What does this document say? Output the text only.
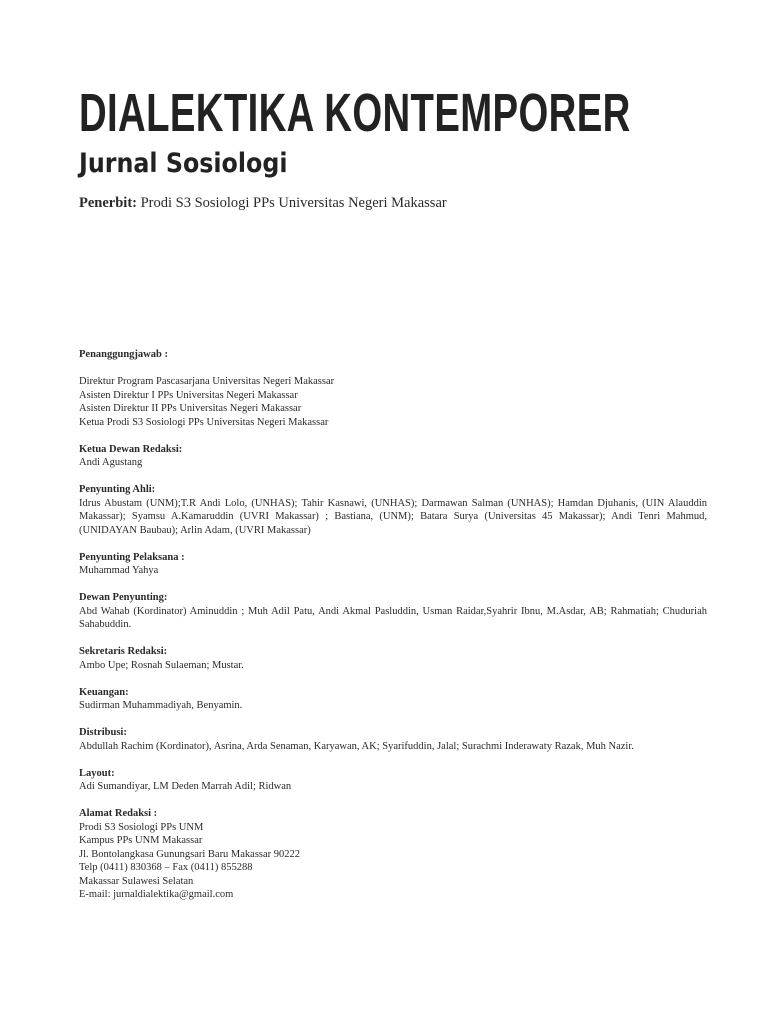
DIALEKTIKA KONTEMPORER
Jurnal Sosiologi

Penerbit: Prodi S3 Sosiologi PPs Universitas Negeri Makassar

Penanggungjawab :
Direktur Program Pascasarjana Universitas Negeri Makassar
Asisten Direktur I PPs Universitas Negeri Makassar
Asisten Direktur II PPs Universitas Negeri Makassar
Ketua Prodi S3 Sosiologi PPs Universitas Negeri Makassar
Ketua Dewan Redaksi:
Andi Agustang
Penyunting Ahli:
Idrus Abustam (UNM);T.R Andi Lolo, (UNHAS); Tahir Kasnawi, (UNHAS); Darmawan Salman (UNHAS); Hamdan Djuhanis, (UIN Alauddin Makassar); Syamsu A.Kamaruddin (UVRI Makassar) ; Bastiana, (UNM); Batara Surya (Universitas 45 Makassar); Andi Tenri Mahmud, (UNIDAYAN Baubau); Arlin Adam, (UVRI Makassar)
Penyunting Pelaksana :
Muhammad Yahya
Dewan Penyunting:
Abd Wahab (Kordinator) Aminuddin ; Muh Adil Patu, Andi Akmal Pasluddin, Usman Raidar,Syahrir Ibnu, M.Asdar, AB; Rahmatiah; Chuduriah Sahabuddin.
Sekretaris Redaksi:
Ambo Upe; Rosnah Sulaeman; Mustar.
Keuangan:
Sudirman Muhammadiyah, Benyamin.
Distribusi:
Abdullah Rachim (Kordinator), Asrina, Arda Senaman, Karyawan, AK; Syarifuddin, Jalal; Surachmi Inderawaty Razak, Muh Nazir.
Layout:
Adi Sumandiyar, LM Deden Marrah Adil; Ridwan
Alamat Redaksi :
Prodi S3 Sosiologi PPs UNM
Kampus PPs UNM Makassar
Jl. Bontolangkasa Gunungsari Baru Makassar 90222
Telp (0411) 830368 – Fax (0411) 855288
Makassar Sulawesi Selatan
E-mail: jurnaldialektika@gmail.com
